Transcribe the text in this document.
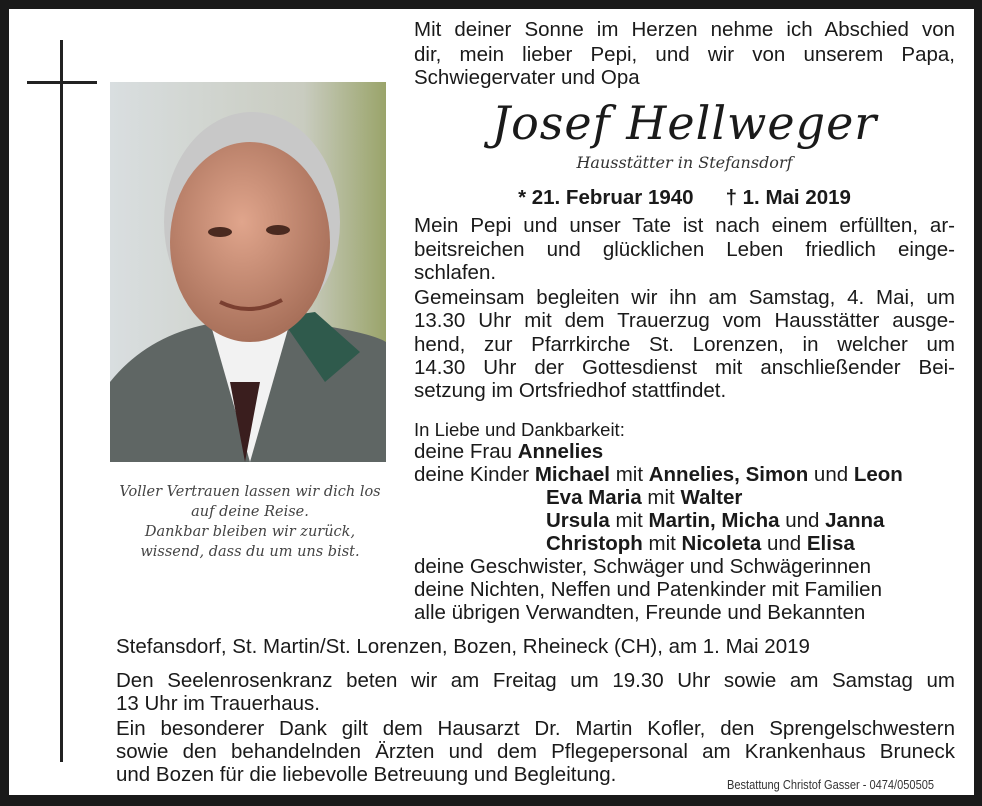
Voller Vertrauen lassen wir dich los
auf deine Reise.
Dankbar bleiben wir zurück,
wissend, dass du um uns bist.
Mit deiner Sonne im Herzen nehme ich Abschied von
dir, mein lieber Pepi, und wir von unserem Papa,
Schwiegervater und Opa
Josef Hellweger
Hausstätter in Stefansdorf
* 21. Februar 1940 † 1. Mai 2019
Mein Pepi und unser Tate ist nach einem erfüllten, ar-
beitsreichen und glücklichen Leben friedlich einge-
schlafen.
Gemeinsam begleiten wir ihn am Samstag, 4. Mai, um
13.30 Uhr mit dem Trauerzug vom Hausstätter ausge-
hend, zur Pfarrkirche St. Lorenzen, in welcher um
14.30 Uhr der Gottesdienst mit anschließender Bei-
setzung im Ortsfriedhof stattfindet.
In Liebe und Dankbarkeit:
deine Frau Annelies
deine Kinder Michael mit Annelies, Simon und Leon
Eva Maria mit Walter
Ursula mit Martin, Micha und Janna
Christoph mit Nicoleta und Elisa
deine Geschwister, Schwäger und Schwägerinnen
deine Nichten, Neffen und Patenkinder mit Familien
alle übrigen Verwandten, Freunde und Bekannten
Stefansdorf, St. Martin/St. Lorenzen, Bozen, Rheineck (CH), am 1. Mai 2019
Den Seelenrosenkranz beten wir am Freitag um 19.30 Uhr sowie am Samstag um
13 Uhr im Trauerhaus.
Ein besonderer Dank gilt dem Hausarzt Dr. Martin Kofler, den Sprengelschwestern
sowie den behandelnden Ärzten und dem Pflegepersonal am Krankenhaus Bruneck
und Bozen für die liebevolle Betreuung und Begleitung.	Bestattung Christof Gasser - 0474/050505
